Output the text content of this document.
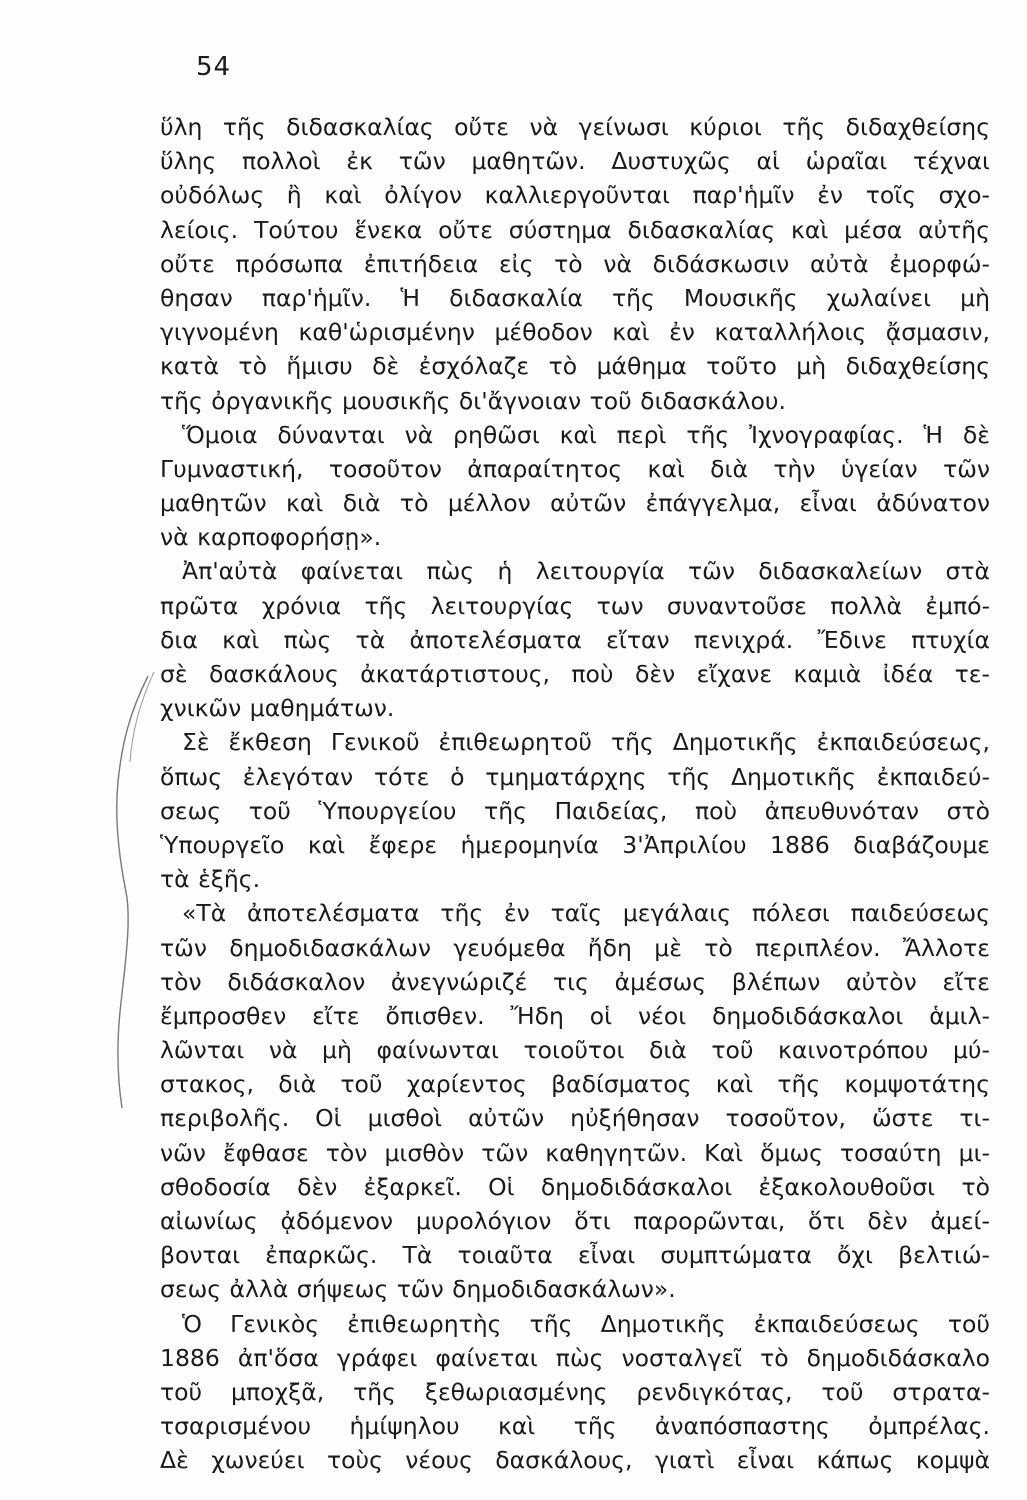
54
ὕλη τῆς διδασκαλίας οὔτε νὰ γείνωσι κύριοι τῆς διδαχθείσης
ὕλης πολλοὶ ἐκ τῶν μαθητῶν. Δυστυχῶς αἱ ὡραῖαι τέχναι
οὐδόλως ἢ καὶ ὀλίγον καλλιεργοῦνται παρ'ἡμῖν ἐν τοῖς σχο-
λείοις. Τούτου ἕνεκα οὔτε σύστημα διδασκαλίας καὶ μέσα αὐτῆς
οὔτε πρόσωπα ἐπιτήδεια εἰς τὸ νὰ διδάσκωσιν αὐτὰ ἐμορφώ-
θησαν παρ'ἡμῖν. Ἡ διδασκαλία τῆς Μουσικῆς χωλαίνει μὴ
γιγνομένη καθ'ὡρισμένην μέθοδον καὶ ἐν καταλλήλοις ᾄσμασιν,
κατὰ τὸ ἥμισυ δὲ ἐσχόλαζε τὸ μάθημα τοῦτο μὴ διδαχθείσης
τῆς ὀργανικῆς μουσικῆς δι'ἄγνοιαν τοῦ διδασκάλου.
Ὅμοια δύνανται νὰ ρηθῶσι καὶ περὶ τῆς Ἰχνογραφίας. Ἡ δὲ
Γυμναστική, τοσοῦτον ἀπαραίτητος καὶ διὰ τὴν ὑγείαν τῶν
μαθητῶν καὶ διὰ τὸ μέλλον αὐτῶν ἐπάγγελμα, εἶναι ἀδύνατον
νὰ καρποφορήσῃ».
Ἀπ'αὐτὰ φαίνεται πὼς ἡ λειτουργία τῶν διδασκαλείων στὰ
πρῶτα χρόνια τῆς λειτουργίας των συναντοῦσε πολλὰ ἐμπό-
δια καὶ πὼς τὰ ἀποτελέσματα εἴταν πενιχρά. Ἔδινε πτυχία
σὲ δασκάλους ἀκατάρτιστους, ποὺ δὲν εἴχανε καμιὰ ἰδέα τε-
χνικῶν μαθημάτων.
Σὲ ἔκθεση Γενικοῦ ἐπιθεωρητοῦ τῆς Δημοτικῆς ἐκπαιδεύσεως,
ὅπως ἐλεγόταν τότε ὁ τμηματάρχης τῆς Δημοτικῆς ἐκπαιδεύ-
σεως τοῦ Ὑπουργείου τῆς Παιδείας, ποὺ ἀπευθυνόταν στὸ
Ὑπουργεῖο καὶ ἔφερε ἡμερομηνία 3'Ἀπριλίου 1886 διαβάζουμε
τὰ ἑξῆς.
«Τὰ ἀποτελέσματα τῆς ἐν ταῖς μεγάλαις πόλεσι παιδεύσεως
τῶν δημοδιδασκάλων γευόμεθα ἤδη μὲ τὸ περιπλέον. Ἄλλοτε
τὸν διδάσκαλον ἀνεγνώριζέ τις ἀμέσως βλέπων αὐτὸν εἴτε
ἔμπροσθεν εἴτε ὄπισθεν. Ἤδη οἱ νέοι δημοδιδάσκαλοι ἁμιλ-
λῶνται νὰ μὴ φαίνωνται τοιοῦτοι διὰ τοῦ καινοτρόπου μύ-
στακος, διὰ τοῦ χαρίεντος βαδίσματος καὶ τῆς κομψοτάτης
περιβολῆς. Οἱ μισθοὶ αὐτῶν ηὐξήθησαν τοσοῦτον, ὥστε τι-
νῶν ἔφθασε τὸν μισθὸν τῶν καθηγητῶν. Καὶ ὅμως τοσαύτη μι-
σθοδοσία δὲν ἐξαρκεῖ. Οἱ δημοδιδάσκαλοι ἐξακολουθοῦσι τὸ
αἰωνίως ᾀδόμενον μυρολόγιον ὅτι παρορῶνται, ὅτι δὲν ἀμεί-
βονται ἐπαρκῶς. Τὰ τοιαῦτα εἶναι συμπτώματα ὄχι βελτιώ-
σεως ἀλλὰ σήψεως τῶν δημοδιδασκάλων».
Ὁ Γενικὸς ἐπιθεωρητὴς τῆς Δημοτικῆς ἐκπαιδεύσεως τοῦ
1886 ἀπ'ὅσα γράφει φαίνεται πὼς νοσταλγεῖ τὸ δημοδιδάσκαλο
τοῦ μποχξᾶ, τῆς ξεθωριασμένης ρενδιγκότας, τοῦ στρατα-
τσαρισμένου ἡμίψηλου καὶ τῆς ἀναπόσπαστης ὀμπρέλας.
Δὲ χωνεύει τοὺς νέους δασκάλους, γιατὶ εἶναι κάπως κομψὰ
